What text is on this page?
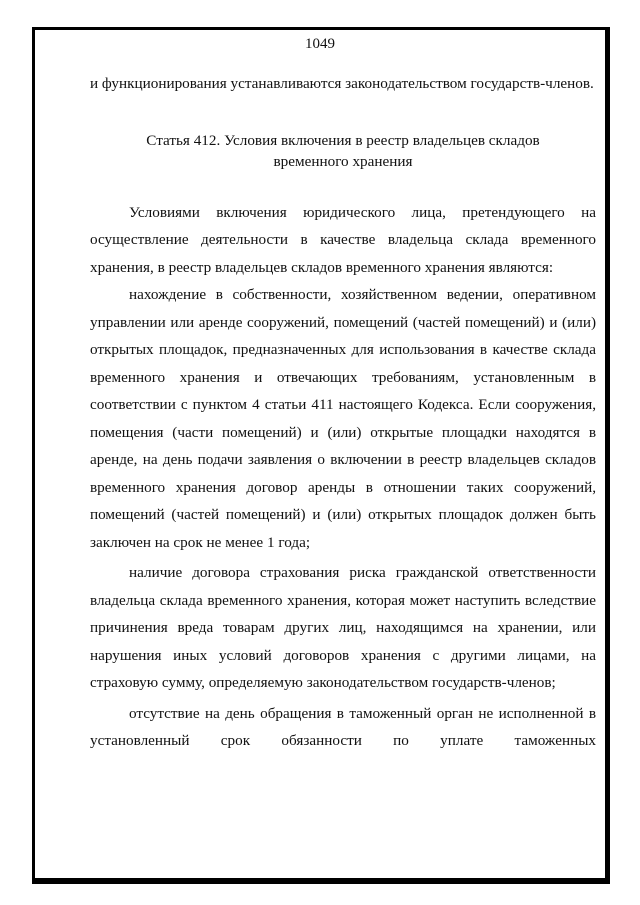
1049

и функционирования устанавливаются законодательством государств-членов.

Статья 412. Условия включения в реестр владельцев складов
временного хранения

Условиями включения юридического лица, претендующего на осуществление деятельности в качестве владельца склада временного хранения, в реестр владельцев складов временного хранения являются:

нахождение в собственности, хозяйственном ведении, оперативном управлении или аренде сооружений, помещений (частей помещений) и (или) открытых площадок, предназначенных для использования в качестве склада временного хранения и отвечающих требованиям, установленным в соответствии с пунктом 4 статьи 411 настоящего Кодекса. Если сооружения, помещения (части помещений) и (или) открытые площадки находятся в аренде, на день подачи заявления о включении в реестр владельцев складов временного хранения договор аренды в отношении таких сооружений, помещений (частей помещений) и (или) открытых площадок должен быть заключен на срок не менее 1 года;

наличие договора страхования риска гражданской ответственности владельца склада временного хранения, которая может наступить вследствие причинения вреда товарам других лиц, находящимся на хранении, или нарушения иных условий договоров хранения с другими лицами, на страховую сумму, определяемую законодательством государств-членов;

отсутствие на день обращения в таможенный орган не исполненной в установленный срок обязанности по уплате таможенных
